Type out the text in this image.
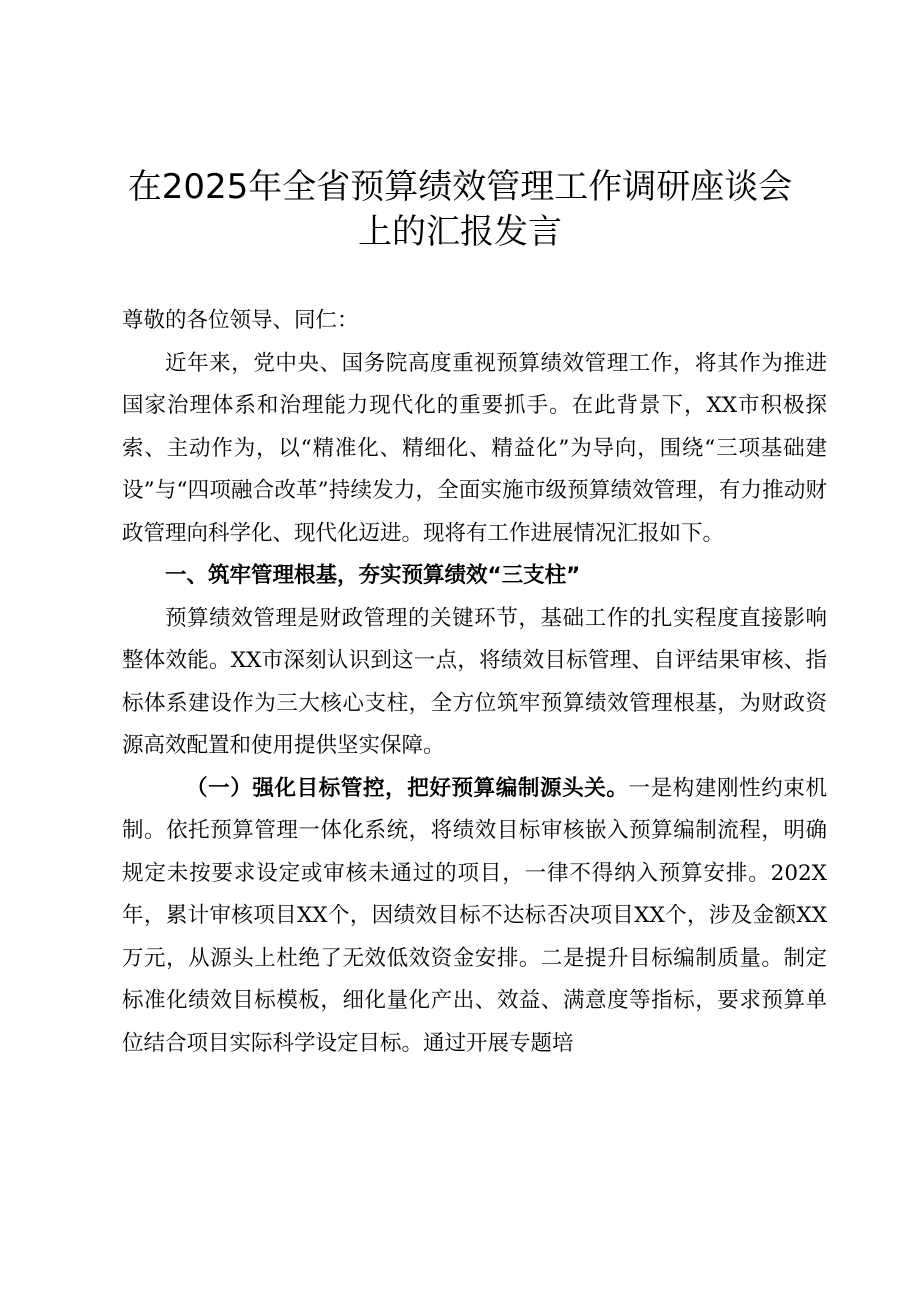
在2025年全省预算绩效管理工作调研座谈会
上的汇报发言

尊敬的各位领导、同仁：

近年来，党中央、国务院高度重视预算绩效管理工作，将其作为推进国家治理体系和治理能力现代化的重要抓手。在此背景下，XX市积极探索、主动作为，以“精准化、精细化、精益化”为导向，围绕“三项基础建设”与“四项融合改革”持续发力，全面实施市级预算绩效管理，有力推动财政管理向科学化、现代化迈进。现将有工作进展情况汇报如下。

一、筑牢管理根基，夯实预算绩效“三支柱”

预算绩效管理是财政管理的关键环节，基础工作的扎实程度直接影响整体效能。XX市深刻认识到这一点，将绩效目标管理、自评结果审核、指标体系建设作为三大核心支柱，全方位筑牢预算绩效管理根基，为财政资源高效配置和使用提供坚实保障。

（一）强化目标管控，把好预算编制源头关。一是构建刚性约束机制。依托预算管理一体化系统，将绩效目标审核嵌入预算编制流程，明确规定未按要求设定或审核未通过的项目，一律不得纳入预算安排。202X年，累计审核项目XX个，因绩效目标不达标否决项目XX个，涉及金额XX万元，从源头上杜绝了无效低效资金安排。二是提升目标编制质量。制定标准化绩效目标模板，细化量化产出、效益、满意度等指标，要求预算单位结合项目实际科学设定目标。通过开展专题培
